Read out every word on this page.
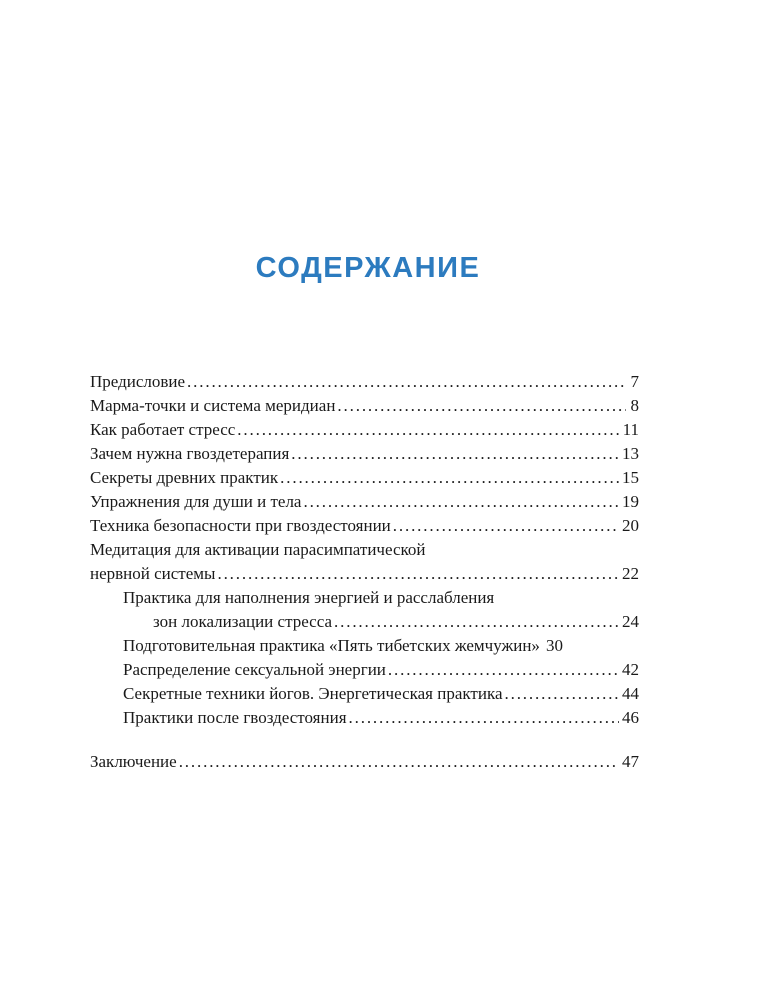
СОДЕРЖАНИЕ
Предисловие . . .	7
Марма-точки и система меридиан . . .	8
Как работает стресс . . .	11
Зачем нужна гвоздетерапия . . .	13
Секреты древних практик . . .	15
Упражнения для души и тела . . .	19
Техника безопасности при гвоздестоянии . . .	20
Медитация для активации парасимпатической
нервной системы . . .	22
Практика для наполнения энергией и расслабления
зон локализации стресса . . .	24
Подготовительная практика «Пять тибетских жемчужин» 30
Распределение сексуальной энергии . . .	42
Секретные техники йогов. Энергетическая практика . . .	44
Практики после гвоздестояния . . .	46
Заключение . . .	47
